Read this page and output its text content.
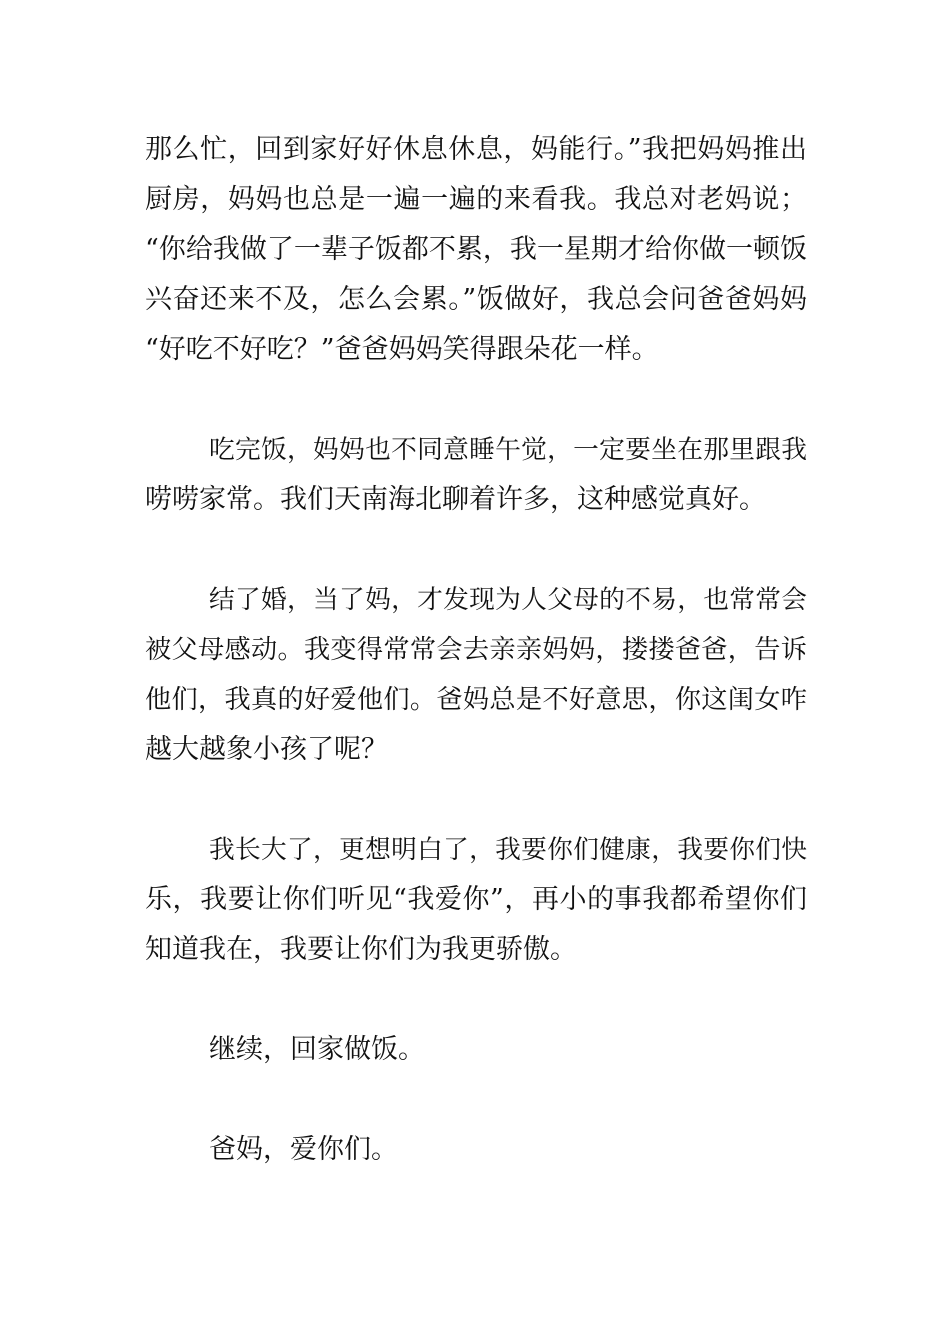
那么忙，回到家好好休息休息，妈能行。”我把妈妈推出
厨房，妈妈也总是一遍一遍的来看我。我总对老妈说；
“你给我做了一辈子饭都不累，我一星期才给你做一顿饭
兴奋还来不及，怎么会累。”饭做好，我总会问爸爸妈妈
“好吃不好吃？”爸爸妈妈笑得跟朵花一样。
吃完饭，妈妈也不同意睡午觉，一定要坐在那里跟我
唠唠家常。我们天南海北聊着许多，这种感觉真好。
结了婚，当了妈，才发现为人父母的不易，也常常会
被父母感动。我变得常常会去亲亲妈妈，搂搂爸爸，告诉
他们，我真的好爱他们。爸妈总是不好意思，你这闺女咋
越大越象小孩了呢？
我长大了，更想明白了，我要你们健康，我要你们快
乐，我要让你们听见“我爱你”，再小的事我都希望你们
知道我在，我要让你们为我更骄傲。
继续，回家做饭。
爸妈，爱你们。
